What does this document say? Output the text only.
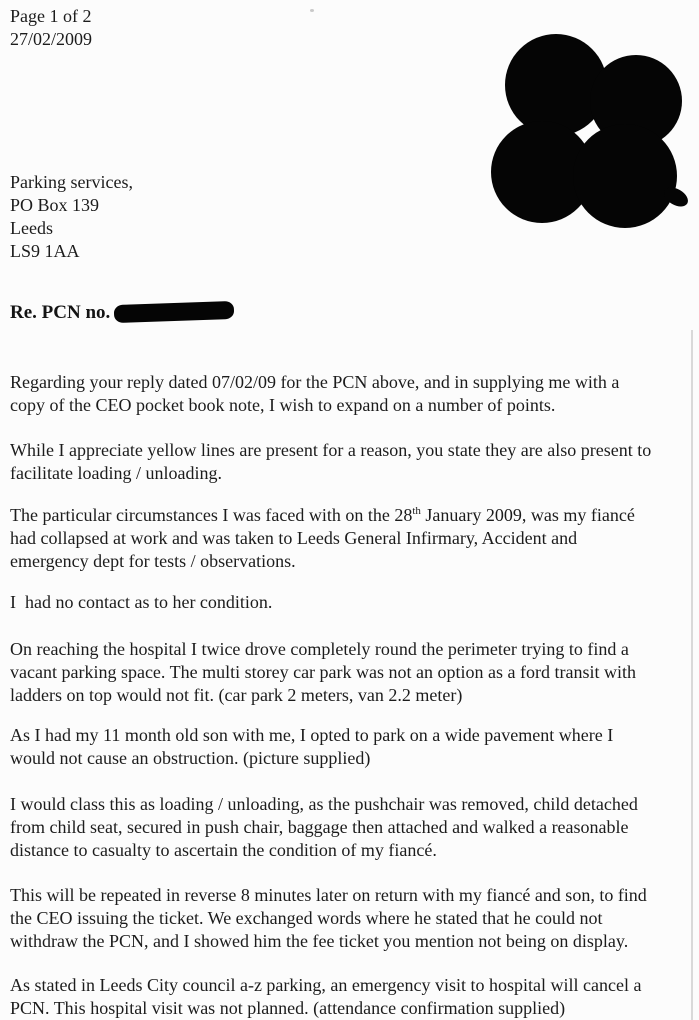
Page 1 of 2
27/02/2009
Parking services,
PO Box 139
Leeds
LS9 1AA
Re. PCN no.
Regarding your reply dated 07/02/09 for the PCN above, and in supplying me with a
copy of the CEO pocket book note, I wish to expand on a number of points.
While I appreciate yellow lines are present for a reason, you state they are also present to
facilitate loading / unloading.
The particular circumstances I was faced with on the 28th January 2009, was my fiancé
had collapsed at work and was taken to Leeds General Infirmary, Accident and
emergency dept for tests / observations.
I  had no contact as to her condition.
On reaching the hospital I twice drove completely round the perimeter trying to find a
vacant parking space. The multi storey car park was not an option as a ford transit with
ladders on top would not fit. (car park 2 meters, van 2.2 meter)
As I had my 11 month old son with me, I opted to park on a wide pavement where I
would not cause an obstruction. (picture supplied)
I would class this as loading / unloading, as the pushchair was removed, child detached
from child seat, secured in push chair, baggage then attached and walked a reasonable
distance to casualty to ascertain the condition of my fiancé.
This will be repeated in reverse 8 minutes later on return with my fiancé and son, to find
the CEO issuing the ticket. We exchanged words where he stated that he could not
withdraw the PCN, and I showed him the fee ticket you mention not being on display.
As stated in Leeds City council a-z parking, an emergency visit to hospital will cancel a
PCN. This hospital visit was not planned. (attendance confirmation supplied)
